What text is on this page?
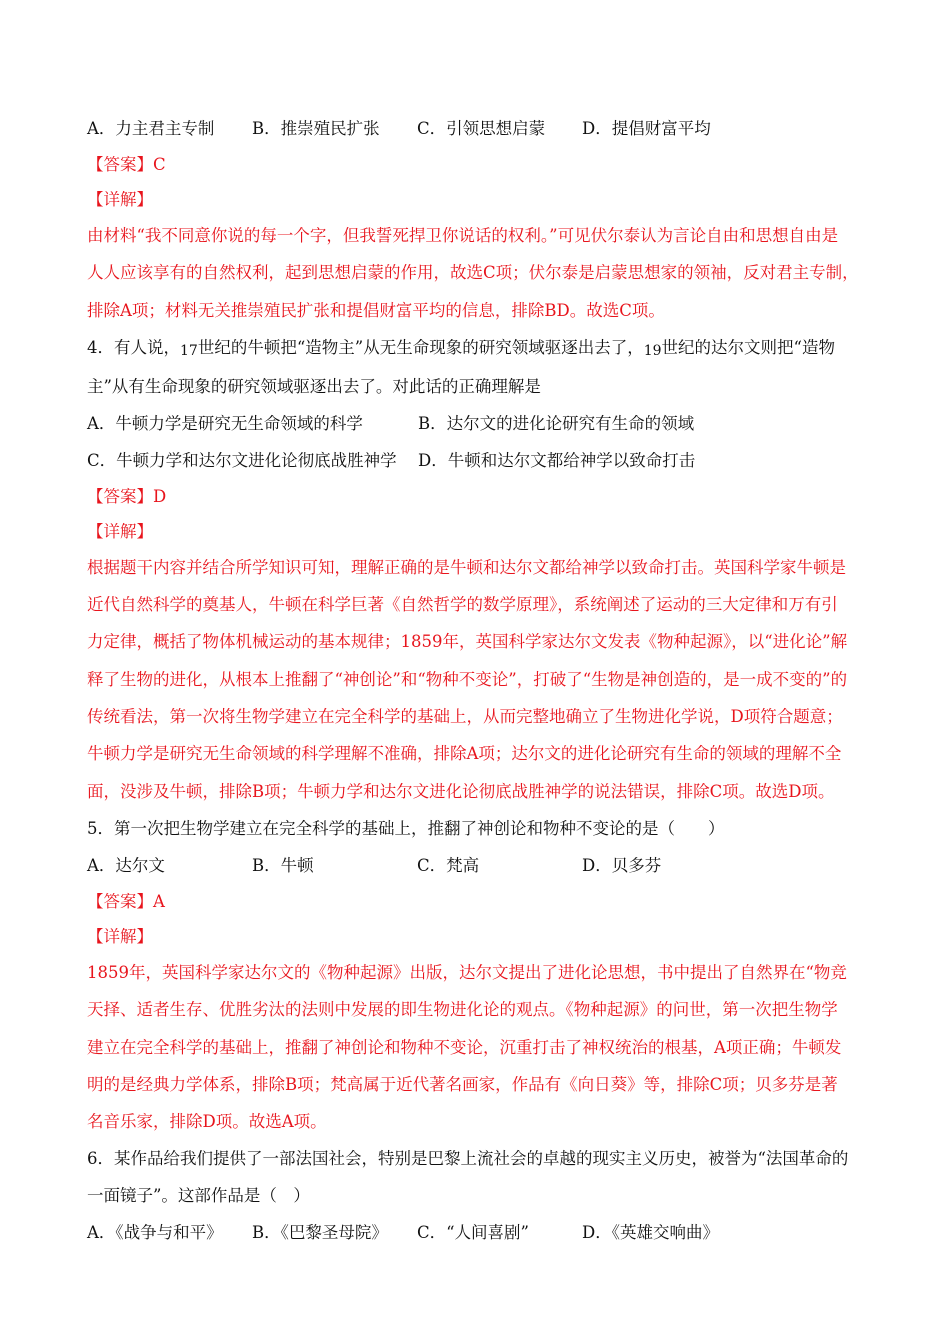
A．力主君主专制	B．推崇殖民扩张	C．引领思想启蒙	D．提倡财富平均
【答案】C
【详解】
由材料“我不同意你说的每一个字，但我誓死捍卫你说话的权利。”可见伏尔泰认为言论自由和思想自由是
人人应该享有的自然权利，起到思想启蒙的作用，故选C项；伏尔泰是启蒙思想家的领袖，反对君主专制，
排除A项；材料无关推崇殖民扩张和提倡财富平均的信息，排除BD。故选C项。
4．有人说，17世纪的牛顿把“造物主”从无生命现象的研究领域驱逐出去了，19世纪的达尔文则把“造物
主”从有生命现象的研究领域驱逐出去了。对此话的正确理解是
A．牛顿力学是研究无生命领域的科学	B．达尔文的进化论研究有生命的领域
C．牛顿力学和达尔文进化论彻底战胜神学	D．牛顿和达尔文都给神学以致命打击
【答案】D
【详解】
根据题干内容并结合所学知识可知，理解正确的是牛顿和达尔文都给神学以致命打击。英国科学家牛顿是
近代自然科学的奠基人，牛顿在科学巨著《自然哲学的数学原理》，系统阐述了运动的三大定律和万有引
力定律，概括了物体机械运动的基本规律；1859年，英国科学家达尔文发表《物种起源》，以“进化论”解
释了生物的进化，从根本上推翻了“神创论”和“物种不变论”，打破了“生物是神创造的，是一成不变的”的
传统看法，第一次将生物学建立在完全科学的基础上，从而完整地确立了生物进化学说，D项符合题意；
牛顿力学是研究无生命领域的科学理解不准确，排除A项；达尔文的进化论研究有生命的领域的理解不全
面，没涉及牛顿，排除B项；牛顿力学和达尔文进化论彻底战胜神学的说法错误，排除C项。故选D项。
5．第一次把生物学建立在完全科学的基础上，推翻了神创论和物种不变论的是（　　）
A．达尔文	B．牛顿	C．梵高	D．贝多芬
【答案】A
【详解】
1859年，英国科学家达尔文的《物种起源》出版，达尔文提出了进化论思想，书中提出了自然界在“物竞
天择、适者生存、优胜劣汰的法则中发展的即生物进化论的观点。《物种起源》的问世，第一次把生物学
建立在完全科学的基础上，推翻了神创论和物种不变论，沉重打击了神权统治的根基，A项正确；牛顿发
明的是经典力学体系，排除B项；梵高属于近代著名画家，作品有《向日葵》等，排除C项；贝多芬是著
名音乐家，排除D项。故选A项。
6．某作品给我们提供了一部法国社会，特别是巴黎上流社会的卓越的现实主义历史，被誉为“法国革命的
一面镜子”。这部作品是（　）
A．《战争与和平》	B．《巴黎圣母院》	C．“人间喜剧”	D．《英雄交响曲》
